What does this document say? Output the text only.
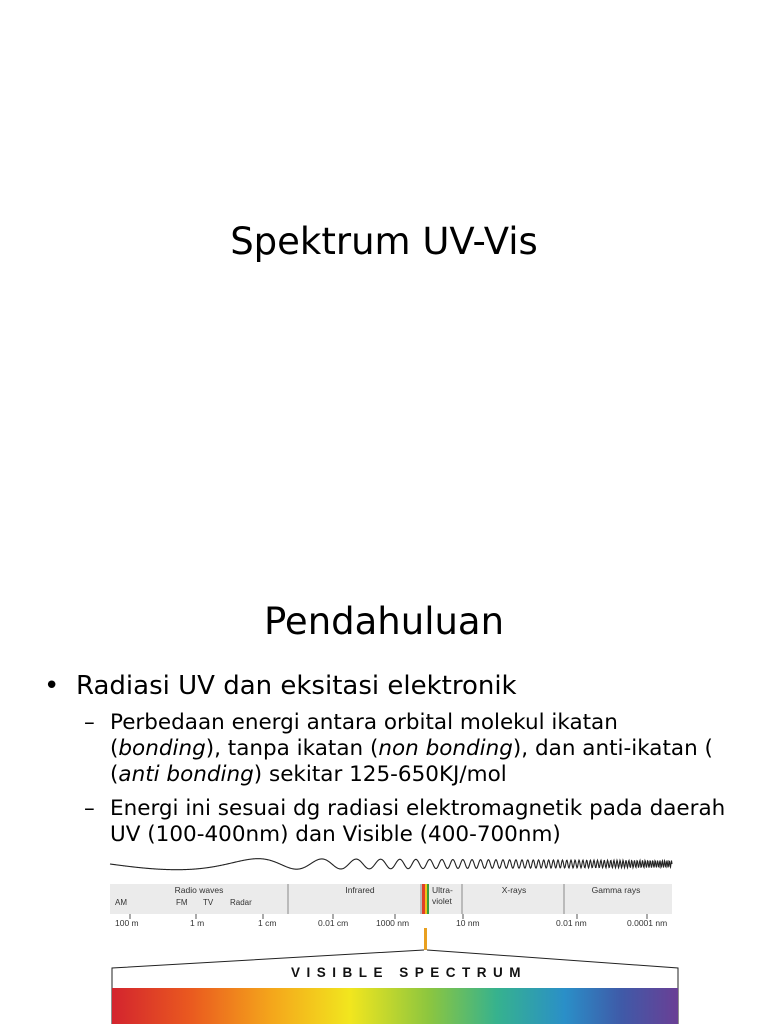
Spektrum UV-Vis
Pendahuluan
• Radiasi UV dan eksitasi elektronik
– Perbedaan energi antara orbital molekul ikatan (bonding), tanpa ikatan (non bonding), dan anti-ikatan (
(anti bonding) sekitar 125-650KJ/mol
– Energi ini sesuai dg radiasi elektromagnetik pada daerah UV (100-400nm) dan Visible (400-700nm)
Radio waves	Infrared	Ultra-
violet
X-rays	Gamma rays
AM	FM TV Radar
100 m	1 m	1 cm	0.01 cm	1000 nm	10 nm	0.01 nm	0.0001 nm
VISIBLE SPECTRUM
